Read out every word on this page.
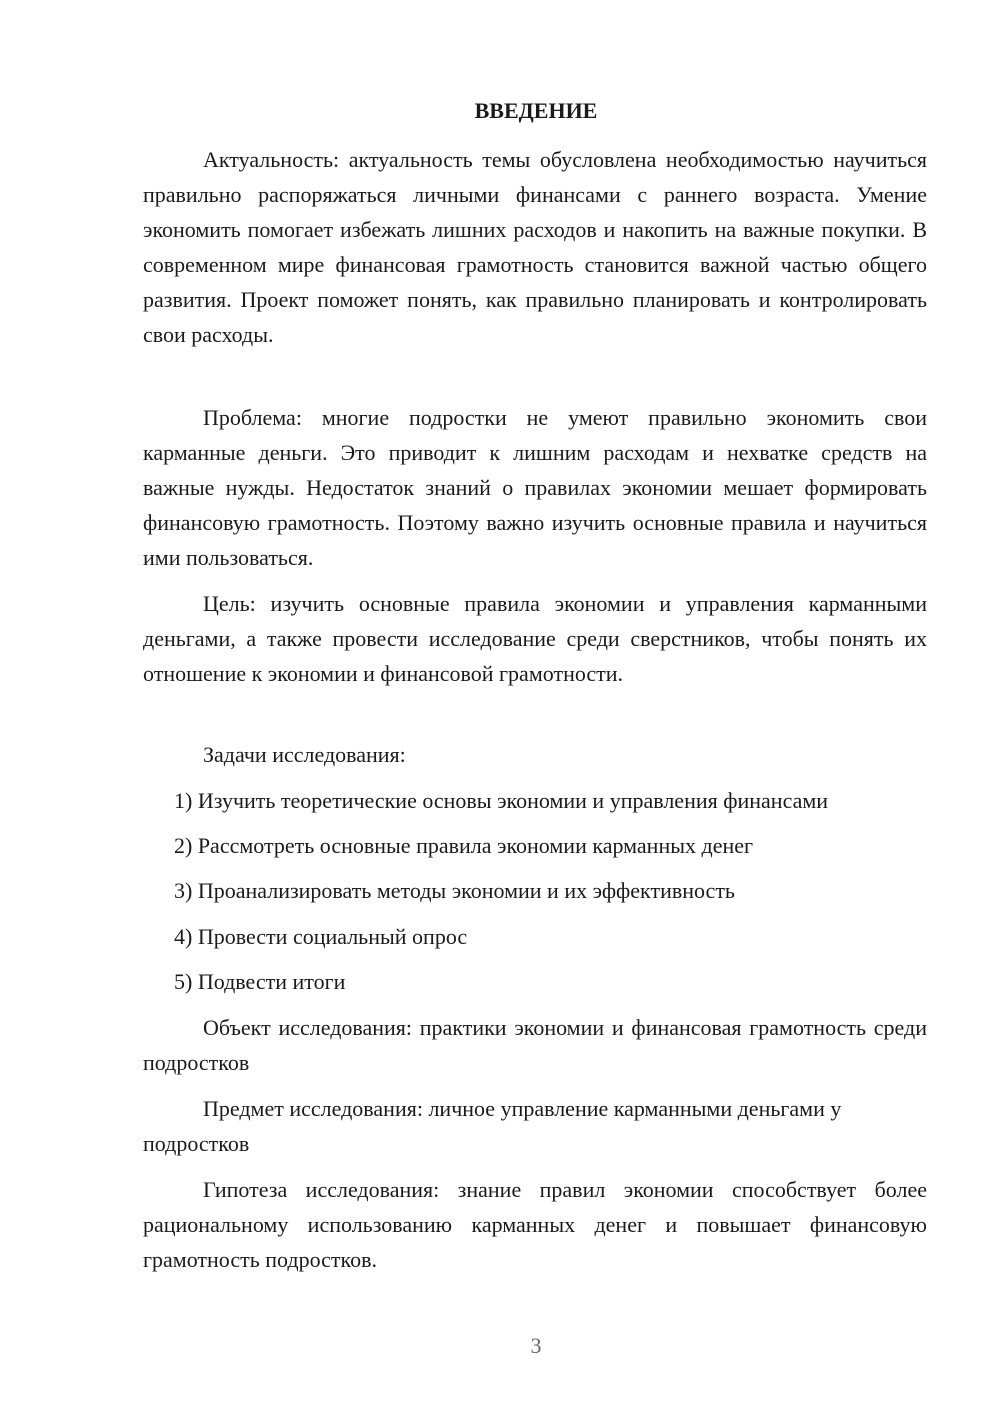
ВВЕДЕНИЕ
Актуальность: актуальность темы обусловлена необходимостью научиться правильно распоряжаться личными финансами с раннего возраста. Умение экономить помогает избежать лишних расходов и накопить на важные покупки. В современном мире финансовая грамотность становится важной частью общего развития. Проект поможет понять, как правильно планировать и контролировать свои расходы.
Проблема: многие подростки не умеют правильно экономить свои карманные деньги. Это приводит к лишним расходам и нехватке средств на важные нужды. Недостаток знаний о правилах экономии мешает формировать финансовую грамотность. Поэтому важно изучить основные правила и научиться ими пользоваться.
Цель: изучить основные правила экономии и управления карманными деньгами, а также провести исследование среди сверстников, чтобы понять их отношение к экономии и финансовой грамотности.
Задачи исследования:
1) Изучить теоретические основы экономии и управления финансами
2) Рассмотреть основные правила экономии карманных денег
3) Проанализировать методы экономии и их эффективность
4) Провести социальный опрос
5) Подвести итоги
Объект исследования: практики экономии и финансовая грамотность среди подростков
Предмет исследования: личное управление карманными деньгами у подростков
Гипотеза исследования: знание правил экономии способствует более рациональному использованию карманных денег и повышает финансовую грамотность подростков.
3
